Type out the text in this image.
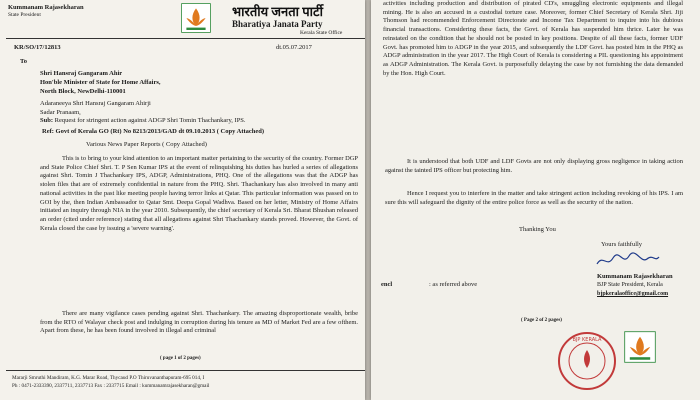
Kummanam Rajasekharan
State President	भारतीय जनता पार्टी
Bharatiya Janata Party
Kerala State Office
KR/SO/17/12813	dt.05.07.2017
To
Shri Hansraj Gangaram Ahir
Hon'ble Minister of State for Home Affairs,
North Block, NewDelhi-110001
Adaraneeya Shri Hansraj Gangaram Ahirji
Sadar Pranaam,
Sub: Request for stringent action against ADGP Shri Tomin Thachankary, IPS.
Ref: Govt of Kerala GO (Rt) No 8213/2013/GAD dt 09.10.2013 ( Copy Attached)
Various News Paper Reports ( Copy Attached)
This is to bring to your kind attention to an important matter pertaining to the security of the country. Former DGP and State Police Chief Shri. T. P Sen Kumar IPS at the event of relinquishing his duties has hurled a series of allegations against Shri. Tomin J Thachankary IPS, ADGP, Administrations, PHQ. One of the allegations was that the ADGP has stolen files that are of extremely confidential in nature from the PHQ. Shri. Thachankary has also involved in many anti national activities in the past like meeting people having terror links at Qatar. This particular information was passed on to GOI by the, then Indian Ambassador to Qatar Smt. Deepa Gopal Wadhva. Based on her letter, Ministry of Home Affairs initiated an inquiry through NIA in the year 2010. Subsequently, the chief secretary of Kerala Sri. Bharat Bhushan released an order (cited under reference) stating that all allegations against Shri Thachankary stands proved. However, the Govt. of Kerala closed the case by issuing a 'severe warning'.
There are many vigilance cases pending against Shri. Thachankary. The amazing disproportionate wealth, bribe from the RTO of Walayar check post and indulging in corruption during his tenure as MD of Market Fed are a few ofthem. Apart from these, he has been found involved in illegal and criminal
( page 1 of 2 pages)
Mararji Smruthi Mandiram, K.G. Marar Road, Thycaud P.O Thiruvananthapuram-695 014, I
Ph : 0471-2333390, 2337711, 2337713 Fax : 2337715 Email : kummanamrajasekharan@gmail
activities including production and distribution of pirated CD's, smuggling electronic equipments and illegal mining. He is also an accused in a custodial torture case. Moreover, former Chief Secretary of Kerala Shri. Jiji Thomson had recommended Enforcement Directorate and Income Tax Department to inquire into his dubious financial transactions. Considering these facts, the Govt. of Kerala has suspended him thrice. Later he was reinstated on the condition that he should not be posted in key positions. Despite of all these facts, former UDF Govt. has promoted him to ADGP in the year 2015, and subsequently the LDF Govt. has posted him in the PHQ as ADGP administration in the year 2017. The High Court of Kerala is considering a PIL questioning his appointment as ADGP Administration. The Kerala Govt. is purposefully delaying the case by not furnishing the data demanded by the Hon. High Court.
It is understood that both UDF and LDF Govts are not only displaying gross negligence in taking action against the tainted IPS officer but protecting him.
Hence I request you to interfere in the matter and take stringent action including revoking of his IPS. I am sure this will safeguard the dignity of the entire police force as well as the security of the nation.
Thanking You
Yours faithfully
Kummanam Rajasekharan
BJP State President, Kerala
bjpkeralaoffice@gmail.com
encl	: as referred above
( Page 2 of 2 pages)
BJP KERALA
